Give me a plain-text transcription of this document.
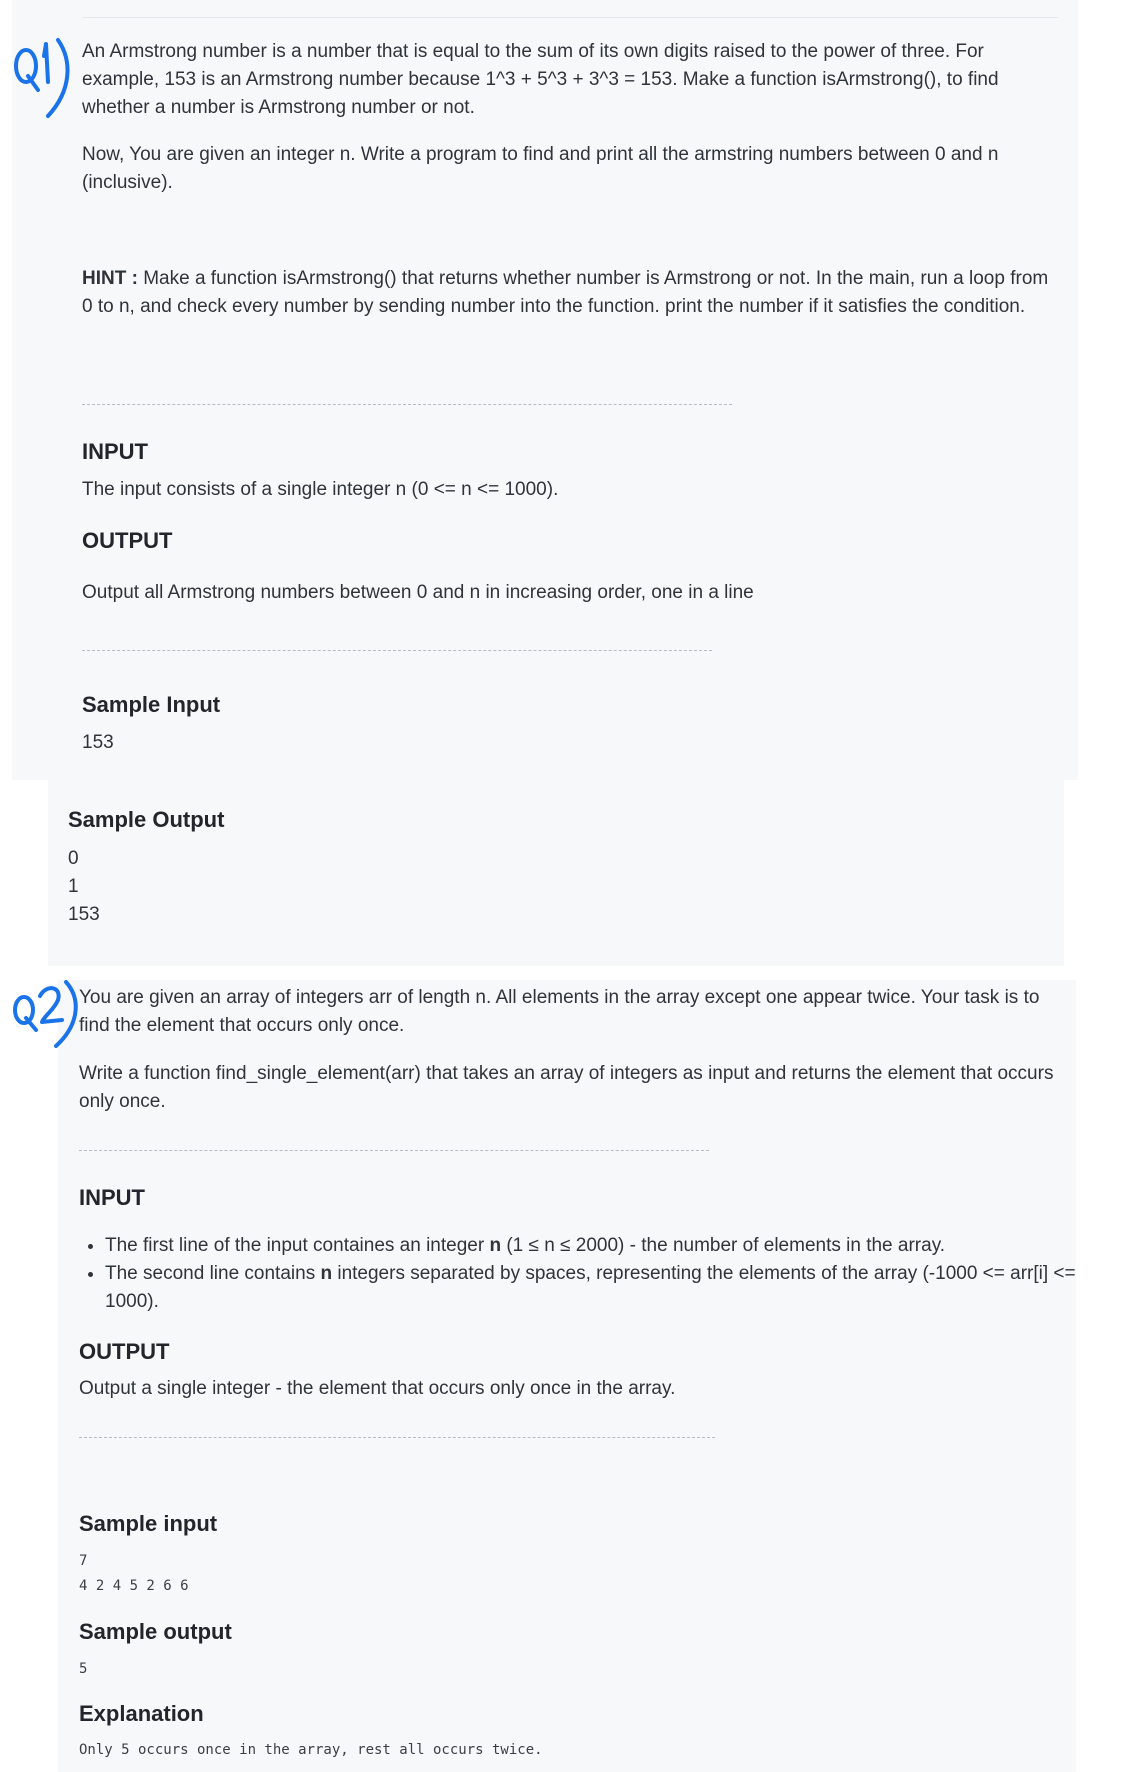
An Armstrong number is a number that is equal to the sum of its own digits raised to the power of three. For example, 153 is an Armstrong number because 1^3 + 5^3 + 3^3 = 153. Make a function isArmstrong(), to find whether a number is Armstrong number or not.

Now, You are given an integer n. Write a program to find and print all the armstring numbers between 0 and n (inclusive).

HINT : Make a function isArmstrong() that returns whether number is Armstrong or not. In the main, run a loop from 0 to n, and check every number by sending number into the function. print the number if it satisfies the condition.

INPUT

The input consists of a single integer n (0 <= n <= 1000).

OUTPUT

Output all Armstrong numbers between 0 and n in increasing order, one in a line

Sample Input

153

Sample Output

0

1

153

You are given an array of integers arr of length n. All elements in the array except one appear twice. Your task is to find the element that occurs only once.

Write a function find_single_element(arr) that takes an array of integers as input and returns the element that occurs only once.

INPUT
• The first line of the input containes an integer n (1 ≤ n ≤ 2000) - the number of elements in the array.
• The second line contains n integers separated by spaces, representing the elements of the array (-1000 <= arr[i] <= 1000).
OUTPUT

Output a single integer - the element that occurs only once in the array.

Sample input
7
4 2 4 5 2 6 6
Sample output
5
Explanation
Only 5 occurs once in the array, rest all occurs twice.
